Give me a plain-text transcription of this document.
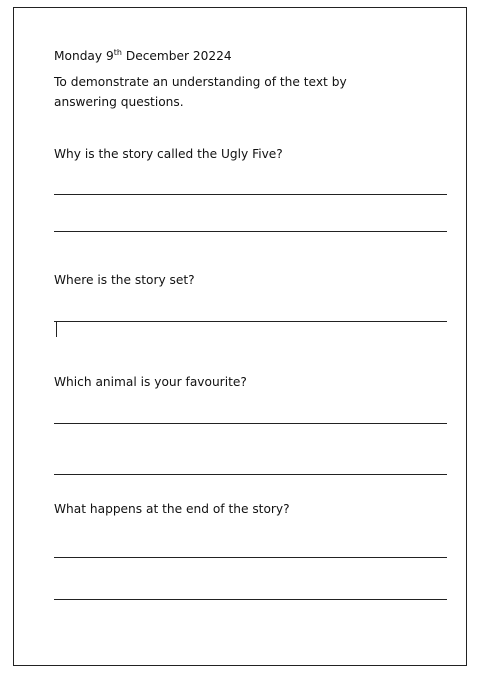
Monday 9th December 20224
To demonstrate an understanding of the text by answering questions.
Why is the story called the Ugly Five?
Where is the story set?
Which animal is your favourite?
What happens at the end of the story?
